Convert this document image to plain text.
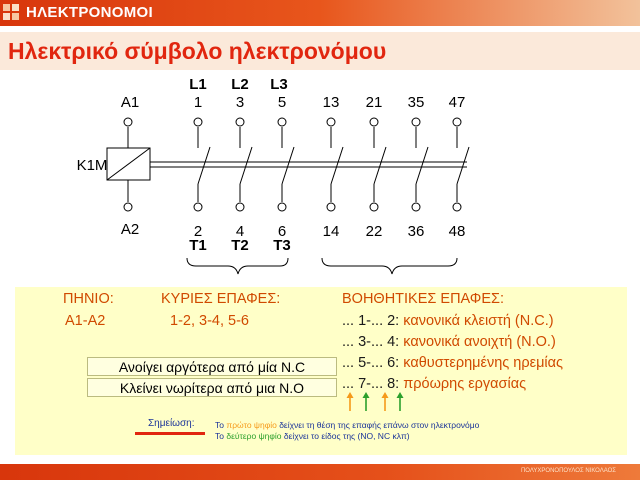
ΗΛΕΚΤΡΟΝΟΜΟΙ
Ηλεκτρικό σύμβολο ηλεκτρονόμου
K1M
A1
A2
L1 L2 L3
T1 T2 T3
1 3 5 13 21 35 47
2 4 6 14 22 36 48
ΠΗΝΙΟ:
Α1-Α2
ΚΥΡΙΕΣ ΕΠΑΦΕΣ:
1-2, 3-4, 5-6
ΒΟΗΘΗΤΙΚΕΣ ΕΠΑΦΕΣ:
... 1-... 2: κανονικά κλειστή (N.C.)
... 3-... 4: κανονικά ανοιχτή (N.O.)
... 5-... 6: καθυστερημένης ηρεμίας
... 7-... 8: πρόωρης εργασίας
Ανοίγει αργότερα από μία N.C
Κλείνει νωρίτερα από μια N.O
Σημείωση: Το πρώτο ψηφίο δείχνει τη θέση της επαφής επάνω στον ηλεκτρονόμο
Το δεύτερο ψηφίο δείχνει το είδος της (NO, NC κλπ)
ΠΟΛΥΧΡΟΝΟΠΟΥΛΟΣ ΝΙΚΟΛΑΟΣ
